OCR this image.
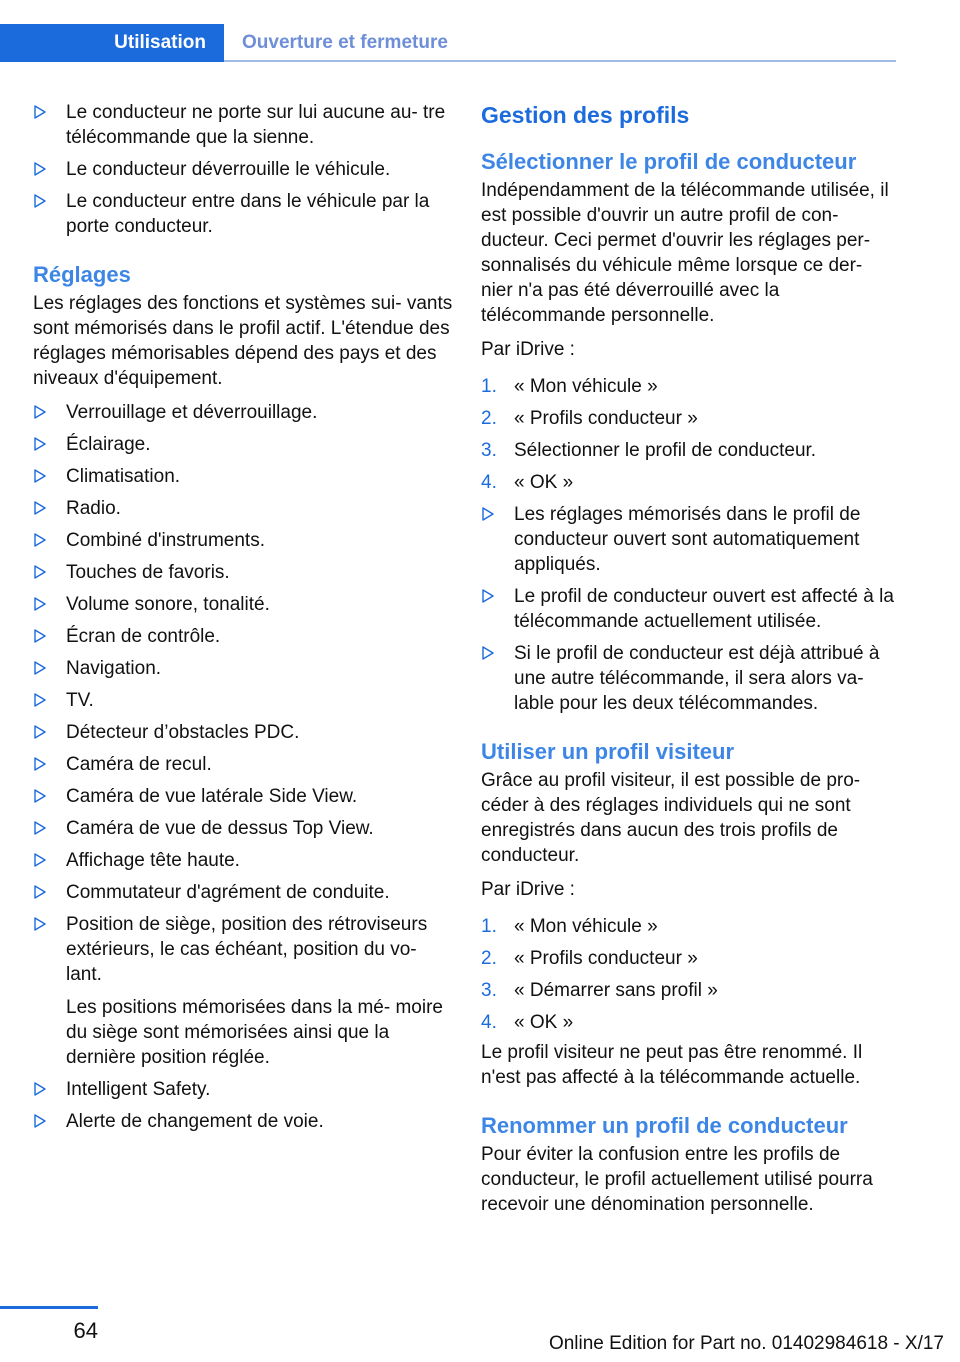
Utilisation	Ouverture et fermeture

Le conducteur ne porte sur lui aucune au‐ tre télécommande que la sienne.

Le conducteur déverrouille le véhicule.

Le conducteur entre dans le véhicule par la porte conducteur.

Réglages

Les réglages des fonctions et systèmes sui‐ vants sont mémorisés dans le profil actif. L'étendue des réglages mémorisables dépend des pays et des niveaux d'équipement.

Verrouillage et déverrouillage.

Éclairage.

Climatisation.

Radio.

Combiné d'instruments.

Touches de favoris.

Volume sonore, tonalité.

Écran de contrôle.

Navigation.

TV.

Détecteur d’obstacles PDC.

Caméra de recul.

Caméra de vue latérale Side View.

Caméra de vue de dessus Top View.

Affichage tête haute.

Commutateur d'agrément de conduite.

Position de siège, position des rétroviseurs extérieurs, le cas échéant, position du vo‐ lant.

Les positions mémorisées dans la mé‐ moire du siège sont mémorisées ainsi que la dernière position réglée.

Intelligent Safety.

Alerte de changement de voie.

Gestion des profils
Sélectionner le profil de conducteur

Indépendamment de la télécommande utilisée, il est possible d'ouvrir un autre profil de con‐ ducteur. Ceci permet d'ouvrir les réglages per‐ sonnalisés du véhicule même lorsque ce der‐ nier n'a pas été déverrouillé avec la télécommande personnelle.

Par iDrive :

1. « Mon véhicule »
2. « Profils conducteur »
3. Sélectionner le profil de conducteur.
4. « OK »

Les réglages mémorisés dans le profil de conducteur ouvert sont automatiquement appliqués.

Le profil de conducteur ouvert est affecté à la télécommande actuellement utilisée.

Si le profil de conducteur est déjà attribué à une autre télécommande, il sera alors va‐ lable pour les deux télécommandes.

Utiliser un profil visiteur

Grâce au profil visiteur, il est possible de pro‐ céder à des réglages individuels qui ne sont enregistrés dans aucun des trois profils de conducteur.

Par iDrive :

1. « Mon véhicule »
2. « Profils conducteur »
3. « Démarrer sans profil »
4. « OK »

Le profil visiteur ne peut pas être renommé. Il n'est pas affecté à la télécommande actuelle.

Renommer un profil de conducteur

Pour éviter la confusion entre les profils de conducteur, le profil actuellement utilisé pourra recevoir une dénomination personnelle.

64
Online Edition for Part no. 01402984618 - X/17
